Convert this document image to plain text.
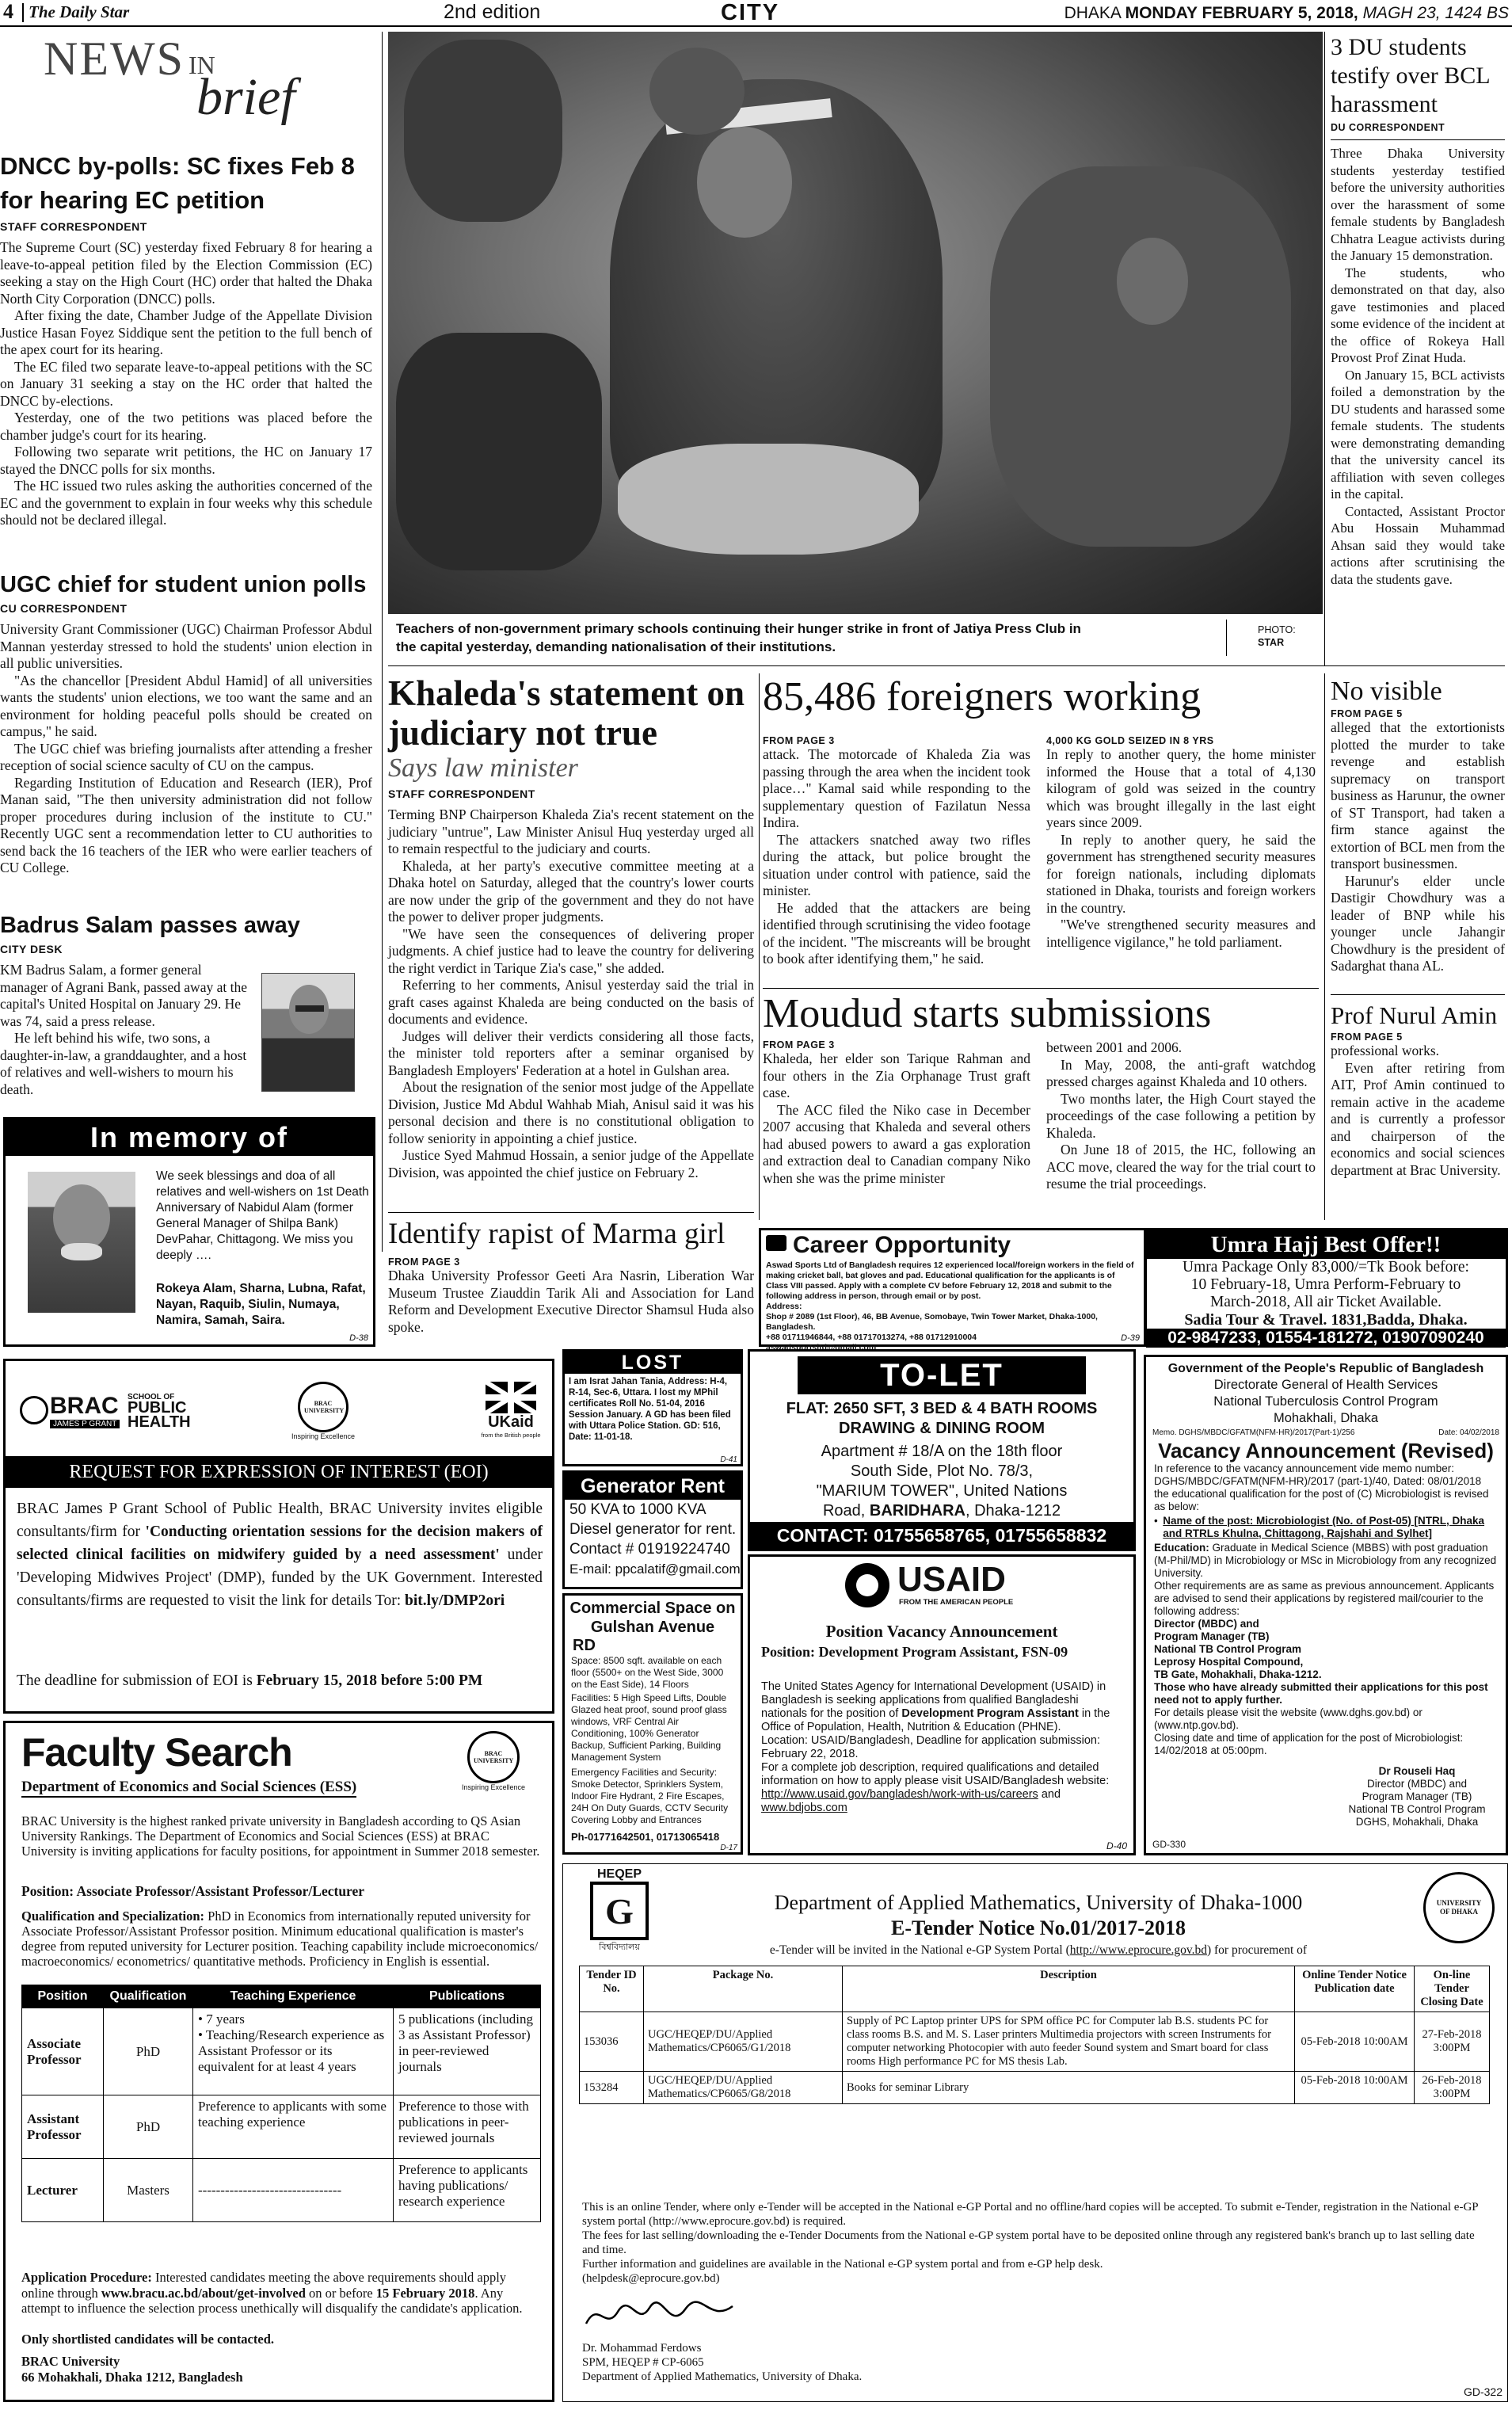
4 The Daily Star	2nd edition	CITY	DHAKA MONDAY FEBRUARY 5, 2018, MAGH 23, 1424 BS
NEWS IN
brief
DNCC by-polls: SC fixes Feb 8 for hearing EC petition
STAFF CORRESPONDENT

The Supreme Court (SC) yesterday fixed February 8 for hearing a leave-to-appeal petition filed by the Election Commission (EC) seeking a stay on the High Court (HC) order that halted the Dhaka North City Corporation (DNCC) polls.

After fixing the date, Chamber Judge of the Appellate Division Justice Hasan Foyez Siddique sent the petition to the full bench of the apex court for its hearing.

The EC filed two separate leave-to-appeal petitions with the SC on January 31 seeking a stay on the HC order that halted the DNCC by-elections.

Yesterday, one of the two petitions was placed before the chamber judge's court for its hearing.

Following two separate writ petitions, the HC on January 17 stayed the DNCC polls for six months.

The HC issued two rules asking the authorities concerned of the EC and the government to explain in four weeks why this schedule should not be declared illegal.

UGC chief for student union polls
CU CORRESPONDENT

University Grant Commissioner (UGC) Chairman Professor Abdul Mannan yesterday stressed to hold the students' union election in all public universities.

"As the chancellor [President Abdul Hamid] of all universities wants the students' union elections, we too want the same and an environment for holding peaceful polls should be created on campus," he said.

The UGC chief was briefing journalists after attending a fresher reception of social science saculty of CU on the campus.

Regarding Institution of Education and Research (IER), Prof Manan said, "The then university administration did not follow proper procedures during inclusion of the institute to CU." Recently UGC sent a recommendation letter to CU authorities to send back the 16 teachers of the IER who were earlier teachers of CU College.

Badrus Salam passes away
CITY DESK

KM Badrus Salam, a former general manager of Agrani Bank, passed away at the capital's United Hospital on January 29. He was 74, said a press release.

He left behind his wife, two sons, a daughter-in-law, a granddaughter, and a host of relatives and well-wishers to mourn his death.

Teachers of non-government primary schools continuing their hunger strike in front of Jatiya Press Club in the capital yesterday, demanding nationalisation of their institutions.
PHOTO:
STAR
3 DU students testify over BCL harassment
DU CORRESPONDENT

Three Dhaka University students yesterday testified before the university authorities over the harassment of some female students by Bangladesh Chhatra League activists during the January 15 demonstration.

The students, who demonstrated on that day, also gave testimonies and placed some evidence of the incident at the office of Rokeya Hall Provost Prof Zinat Huda.

On January 15, BCL activists foiled a demonstration by the DU students and harassed some female students. The students were demonstrating demanding that the university cancel its affiliation with seven colleges in the capital.

Contacted, Assistant Proctor Abu Hossain Muhammad Ahsan said they would take actions after scrutinising the data the students gave.

Khaleda's statement on judiciary not true
Says law minister
STAFF CORRESPONDENT

Terming BNP Chairperson Khaleda Zia's recent statement on the judiciary "untrue", Law Minister Anisul Huq yesterday urged all to remain respectful to the judiciary and courts.

Khaleda, at her party's executive committee meeting at a Dhaka hotel on Saturday, alleged that the country's lower courts are now under the grip of the government and they do not have the power to deliver proper judgments.

"We have seen the consequences of delivering proper judgments. A chief justice had to leave the country for delivering the right verdict in Tarique Zia's case," she added.

Referring to her comments, Anisul yesterday said the trial in graft cases against Khaleda are being conducted on the basis of documents and evidence.

Judges will deliver their verdicts considering all those facts, the minister told reporters after a seminar organised by Bangladesh Employers' Federation at a hotel in Gulshan area.

About the resignation of the senior most judge of the Appellate Division, Justice Md Abdul Wahhab Miah, Anisul said it was his personal decision and there is no constitutional obligation to follow seniority in appointing a chief justice.

Justice Syed Mahmud Hossain, a senior judge of the Appellate Division, was appointed the chief justice on February 2.

85,486 foreigners working
FROM PAGE 3

attack. The motorcade of Khaleda Zia was passing through the area when the incident took place…" Kamal said while responding to the supplementary question of Fazilatun Nessa Indira.

The attackers snatched away two rifles during the attack, but police brought the situation under control with patience, said the minister.

He added that the attackers are being identified through scrutinising the video footage of the incident. "The miscreants will be brought to book after identifying them," he said.

4,000 KG GOLD SEIZED IN 8 YRS

In reply to another query, the home minister informed the House that a total of 4,130 kilogram of gold was seized in the country which was brought illegally in the last eight years since 2009.

In reply to another query, he said the government has strengthened security measures for foreign nationals, including diplomats stationed in Dhaka, tourists and foreign workers in the country.

"We've strengthened security measures and intelligence vigilance," he told parliament.

Moudud starts submissions
FROM PAGE 3

Khaleda, her elder son Tarique Rahman and four others in the Zia Orphanage Trust graft case.

The ACC filed the Niko case in December 2007 accusing that Khaleda and several others had abused powers to award a gas exploration and extraction deal to Canadian company Niko when she was the prime minister

between 2001 and 2006.

In May, 2008, the anti-graft watchdog pressed charges against Khaleda and 10 others.

Two months later, the High Court stayed the proceedings of the case following a petition by Khaleda.

On June 18 of 2015, the HC, following an ACC move, cleared the way for the trial court to resume the trial proceedings.

No visible
FROM PAGE 5

alleged that the extortionists plotted the murder to take revenge and establish supremacy on transport business as Harunur, the owner of ST Transport, had taken a firm stance against the extortion of BCL men from the transport businessmen.

Harunur's elder uncle Dastigir Chowdhury was a leader of BNP while his younger uncle Jahangir Chowdhury is the president of Sadarghat thana AL.

Prof Nurul Amin
FROM PAGE 5

professional works.

Even after retiring from AIT, Prof Amin continued to remain active in the academe and is currently a professor and chairperson of the economics and social sciences department at Brac University.

Identify rapist of Marma girl
FROM PAGE 3

Dhaka University Professor Geeti Ara Nasrin, Liberation War Museum Trustee Ziauddin Tarik Ali and Association for Land Reform and Development Executive Director Shamsul Huda also spoke.

In memory of
We seek blessings and doa of all relatives and well-wishers on 1st Death Anniversary of Nabidul Alam (former General Manager of Shilpa Bank) DevPahar, Chittagong. We miss you deeply ….
Rokeya Alam, Sharna, Lubna, Rafat, Nayan, Raquib, Siulin, Numaya, Namira, Samah, Saira.
D-38
Career Opportunity
Aswad Sports Ltd of Bangladesh requires 12 experienced local/foreign workers in the field of making cricket ball, bat gloves and pad. Educational qualification for the applicants is of Class VIII passed. Apply with a complete CV before February 12, 2018 and submit to the following address in person, through email or by post.
Address:
Shop # 2089 (1st Floor), 46, BB Avenue, Somobaye, Twin Tower Market, Dhaka-1000, Bangladesh.
+88 01711946844, +88 01717013274, +88 01712910004
aswadsportsltd@gmail.com
D-39
Umra Hajj Best Offer!!
Umra Package Only 83,000/=Tk Book before:
10 February-18, Umra Perform-February to
March-2018, All air Ticket Available.
Sadia Tour & Travel. 1831,Badda, Dhaka.
02-9847233, 01554-181272, 01907090240
BRAC
JAMES P GRANT
SCHOOL OF
PUBLIC
HEALTH
BRAC UNIVERSITY
Inspiring Excellence
UKaid
from the British people
REQUEST FOR EXPRESSION OF INTEREST (EOI)
BRAC James P Grant School of Public Health, BRAC University invites eligible consultants/firm for 'Conducting orientation sessions for the decision makers of selected clinical facilities on midwifery guided by a need assessment' under 'Developing Midwives Project' (DMP), funded by the UK Government. Interested consultants/firms are requested to visit the link for details Tor: bit.ly/DMP2ori
The deadline for submission of EOI is February 15, 2018 before 5:00 PM
LOST
I am Israt Jahan Tania, Address: H-4, R-14, Sec-6, Uttara. I lost my MPhil certificates Roll No. 51-04, 2016 Session January. A GD has been filed with Uttara Police Station. GD: 516, Date: 11-01-18.
D-41
Generator Rent
50 KVA to 1000 KVA
Diesel generator for rent.
Contact # 01919224740
E-mail: ppcalatif@gmail.com
Commercial Space on Gulshan Avenue
RD
Space: 8500 sqft. available on each floor (5500+ on the West Side, 3000 on the East Side), 14 Floors
Facilities: 5 High Speed Lifts, Double Glazed heat proof, sound proof glass windows, VRF Central Air Conditioning, 100% Generator Backup, Sufficient Parking, Building Management System
Emergency Facilities and Security: Smoke Detector, Sprinklers System, Indoor Fire Hydrant, 2 Fire Escapes, 24H On Duty Guards, CCTV Security Covering Lobby and Entrances
Ph-01771642501, 01713065418
D-17
TO-LET
FLAT: 2650 SFT, 3 BED & 4 BATH ROOMS
DRAWING & DINING ROOM
Apartment # 18/A on the 18th floor
South Side, Plot No. 78/3,
"MARIUM TOWER", United Nations
Road, BARIDHARA, Dhaka-1212
CONTACT: 01755658765, 01755658832
USAID
FROM THE AMERICAN PEOPLE
Position Vacancy Announcement
Position: Development Program Assistant, FSN-09
The United States Agency for International Development (USAID) in Bangladesh is seeking applications from qualified Bangladeshi nationals for the position of Development Program Assistant in the Office of Population, Health, Nutrition & Education (PHNE).
Location: USAID/Bangladesh, Deadline for application submission: February 22, 2018.
For a complete job description, required qualifications and detailed information on how to apply please visit USAID/Bangladesh website:
http://www.usaid.gov/bangladesh/work-with-us/careers and
www.bdjobs.com
D-40
Government of the People's Republic of Bangladesh
Directorate General of Health Services
National Tuberculosis Control Program
Mohakhali, Dhaka
Memo. DGHS/MBDC/GFATM(NFM-HR)/2017(Part-1)/256	Date: 04/02/2018
Vacancy Announcement (Revised)
In reference to the vacancy announcement vide memo number: DGHS/MBDC/GFATM(NFM-HR)/2017 (part-1)/40, Dated: 08/01/2018 the educational qualification for the post of (C) Microbiologist is revised as below:
• Name of the post: Microbiologist (No. of Post-05) [NTRL, Dhaka and RTRLs Khulna, Chittagong, Rajshahi and Sylhet]
Education: Graduate in Medical Science (MBBS) with post graduation (M-Phil/MD) in Microbiology or MSc in Microbiology from any recognized University.
Other requirements are as same as previous announcement. Applicants are advised to send their applications by registered mail/courier to the following address:
Director (MBDC) and
Program Manager (TB)
National TB Control Program
Leprosy Hospital Compound,
TB Gate, Mohakhali, Dhaka-1212.
Those who have already submitted their applications for this post need not to apply further.
For details please visit the website (www.dghs.gov.bd) or (www.ntp.gov.bd).
Closing date and time of application for the post of Microbiologist: 14/02/2018 at 05:00pm.
Dr Rouseli Haq
Director (MBDC) and
Program Manager (TB)
National TB Control Program
DGHS, Mohakhali, Dhaka
GD-330
Faculty Search
Department of Economics and Social Sciences (ESS)
BRAC UNIVERSITY
Inspiring Excellence
BRAC University is the highest ranked private university in Bangladesh according to QS Asian University Rankings. The Department of Economics and Social Sciences (ESS) at BRAC University is inviting applications for faculty positions, for appointment in Summer 2018 semester.
Position: Associate Professor/Assistant Professor/Lecturer
Qualification and Specialization: PhD in Economics from internationally reputed university for Associate Professor/Assistant Professor position. Minimum educational qualification is master's degree from reputed university for Lecturer position. Teaching capability include microeconomics/ macroeconomics/ econometrics/ quantitative methods. Proficiency in English is essential.
Position	Qualification	Teaching Experience	Publications
Associate Professor	PhD	• 7 years
• Teaching/Research experience as Assistant Professor or its equivalent for at least 4 years	5 publications (including 3 as Assistant Professor) in peer-reviewed journals
Assistant Professor	PhD	Preference to applicants with some teaching experience	Preference to those with publications in peer-reviewed journals
Lecturer	Masters	--------------------------------	Preference to applicants having publications/ research experience
Application Procedure: Interested candidates meeting the above requirements should apply online through www.bracu.ac.bd/about/get-involved on or before 15 February 2018. Any attempt to influence the selection process unethically will disqualify the candidate's application.
Only shortlisted candidates will be contacted.
BRAC University
66 Mohakhali, Dhaka 1212, Bangladesh
HEQEP
G
বিশ্ববিদ্যালয়
UNIVERSITY OF DHAKA
Department of Applied Mathematics, University of Dhaka-1000
E-Tender Notice No.01/2017-2018
e-Tender will be invited in the National e-GP System Portal (http://www.eprocure.gov.bd) for procurement of
Tender ID No.	Package No.	Description	Online Tender Notice Publication date	On-line Tender Closing Date
153036	UGC/HEQEP/DU/Applied Mathematics/CP6065/G1/2018	Supply of PC Laptop printer UPS for SPM office PC for Computer lab B.S. students PC for class rooms B.S. and M. S. Laser printers Multimedia projectors with screen Instruments for computer networking Photocopier with auto feeder Sound system and Smart board for class rooms High performance PC for MS thesis Lab.	05-Feb-2018 10:00AM	27-Feb-2018 3:00PM
153284	UGC/HEQEP/DU/Applied Mathematics/CP6065/G8/2018	Books for seminar Library	05-Feb-2018 10:00AM	26-Feb-2018 3:00PM
This is an online Tender, where only e-Tender will be accepted in the National e-GP Portal and no offline/hard copies will be accepted. To submit e-Tender, registration in the National e-GP system portal (http://www.eprocure.gov.bd) is required.
The fees for last selling/downloading the e-Tender Documents from the National e-GP system portal have to be deposited online through any registered bank's branch up to last selling date and time.
Further information and guidelines are available in the National e-GP system portal and from e-GP help desk.
(helpdesk@eprocure.gov.bd)
Dr. Mohammad Ferdows
SPM, HEQEP # CP-6065
Department of Applied Mathematics, University of Dhaka.
GD-322
